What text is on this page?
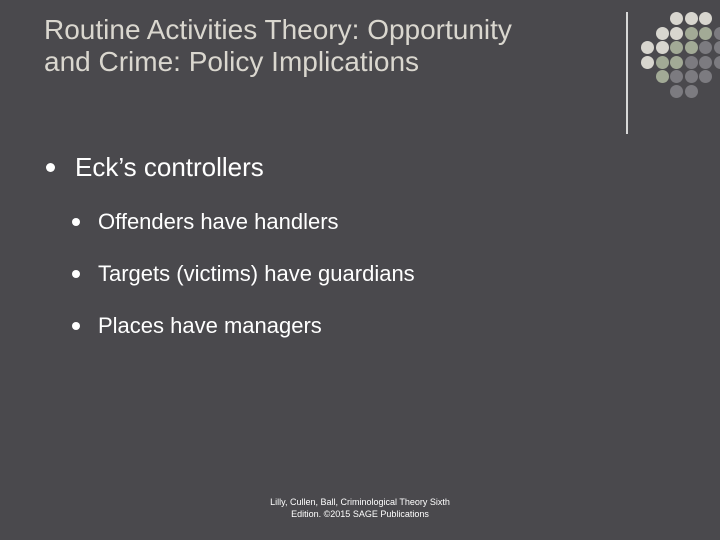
Routine Activities Theory: Opportunity and Crime: Policy Implications
Eck’s controllers
Offenders have handlers
Targets (victims) have guardians
Places have managers
Lilly, Cullen, Ball, Criminological Theory Sixth
Edition. ©2015 SAGE Publications
